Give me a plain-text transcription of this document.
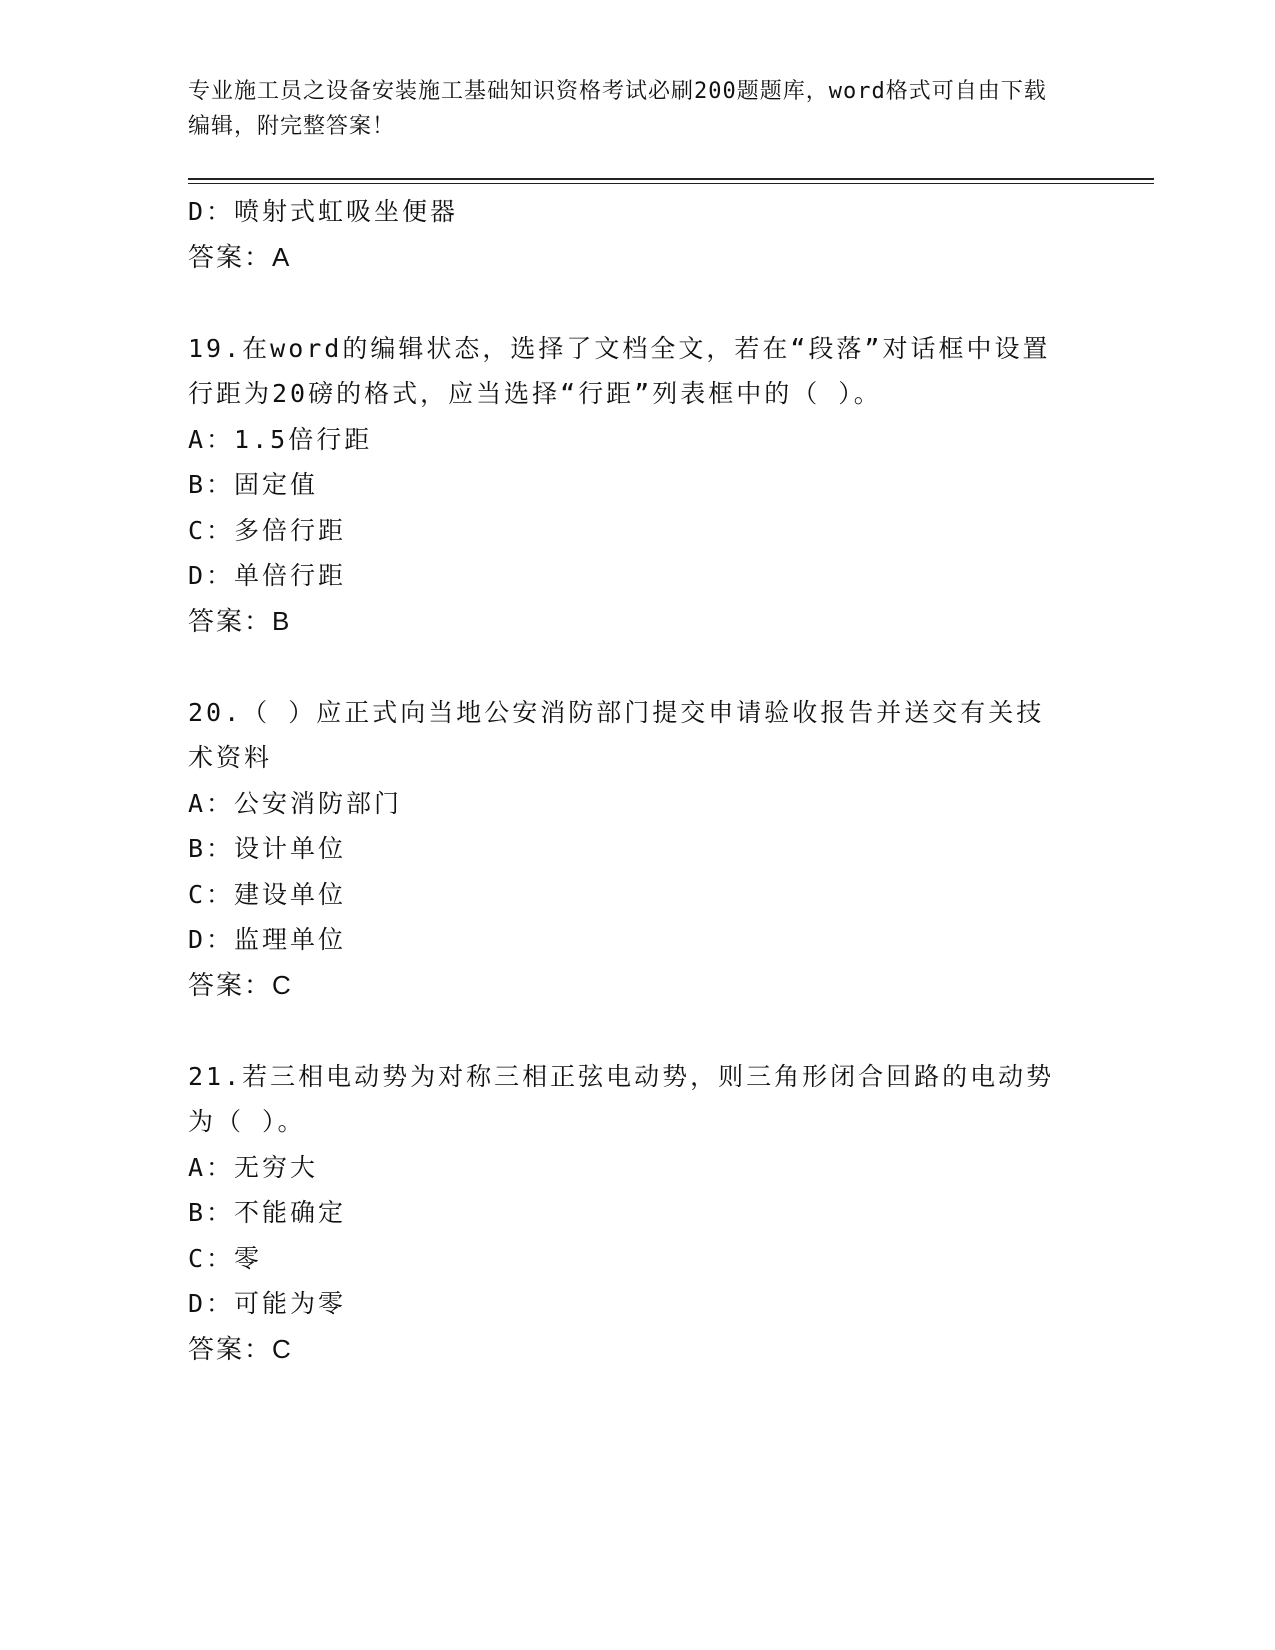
专业施工员之设备安装施工基础知识资格考试必刷200题题库，word格式可自由下载编辑，附完整答案！
D：喷射式虹吸坐便器
答案：A
19.在word的编辑状态，选择了文档全文，若在“段落”对话框中设置行距为20磅的格式，应当选择“行距”列表框中的（ ）。
A：1.5倍行距
B：固定值
C：多倍行距
D：单倍行距
答案：B
20.（ ）应正式向当地公安消防部门提交申请验收报告并送交有关技术资料
A：公安消防部门
B：设计单位
C：建设单位
D：监理单位
答案：C
21.若三相电动势为对称三相正弦电动势，则三角形闭合回路的电动势为（ ）。
A：无穷大
B：不能确定
C：零
D：可能为零
答案：C
